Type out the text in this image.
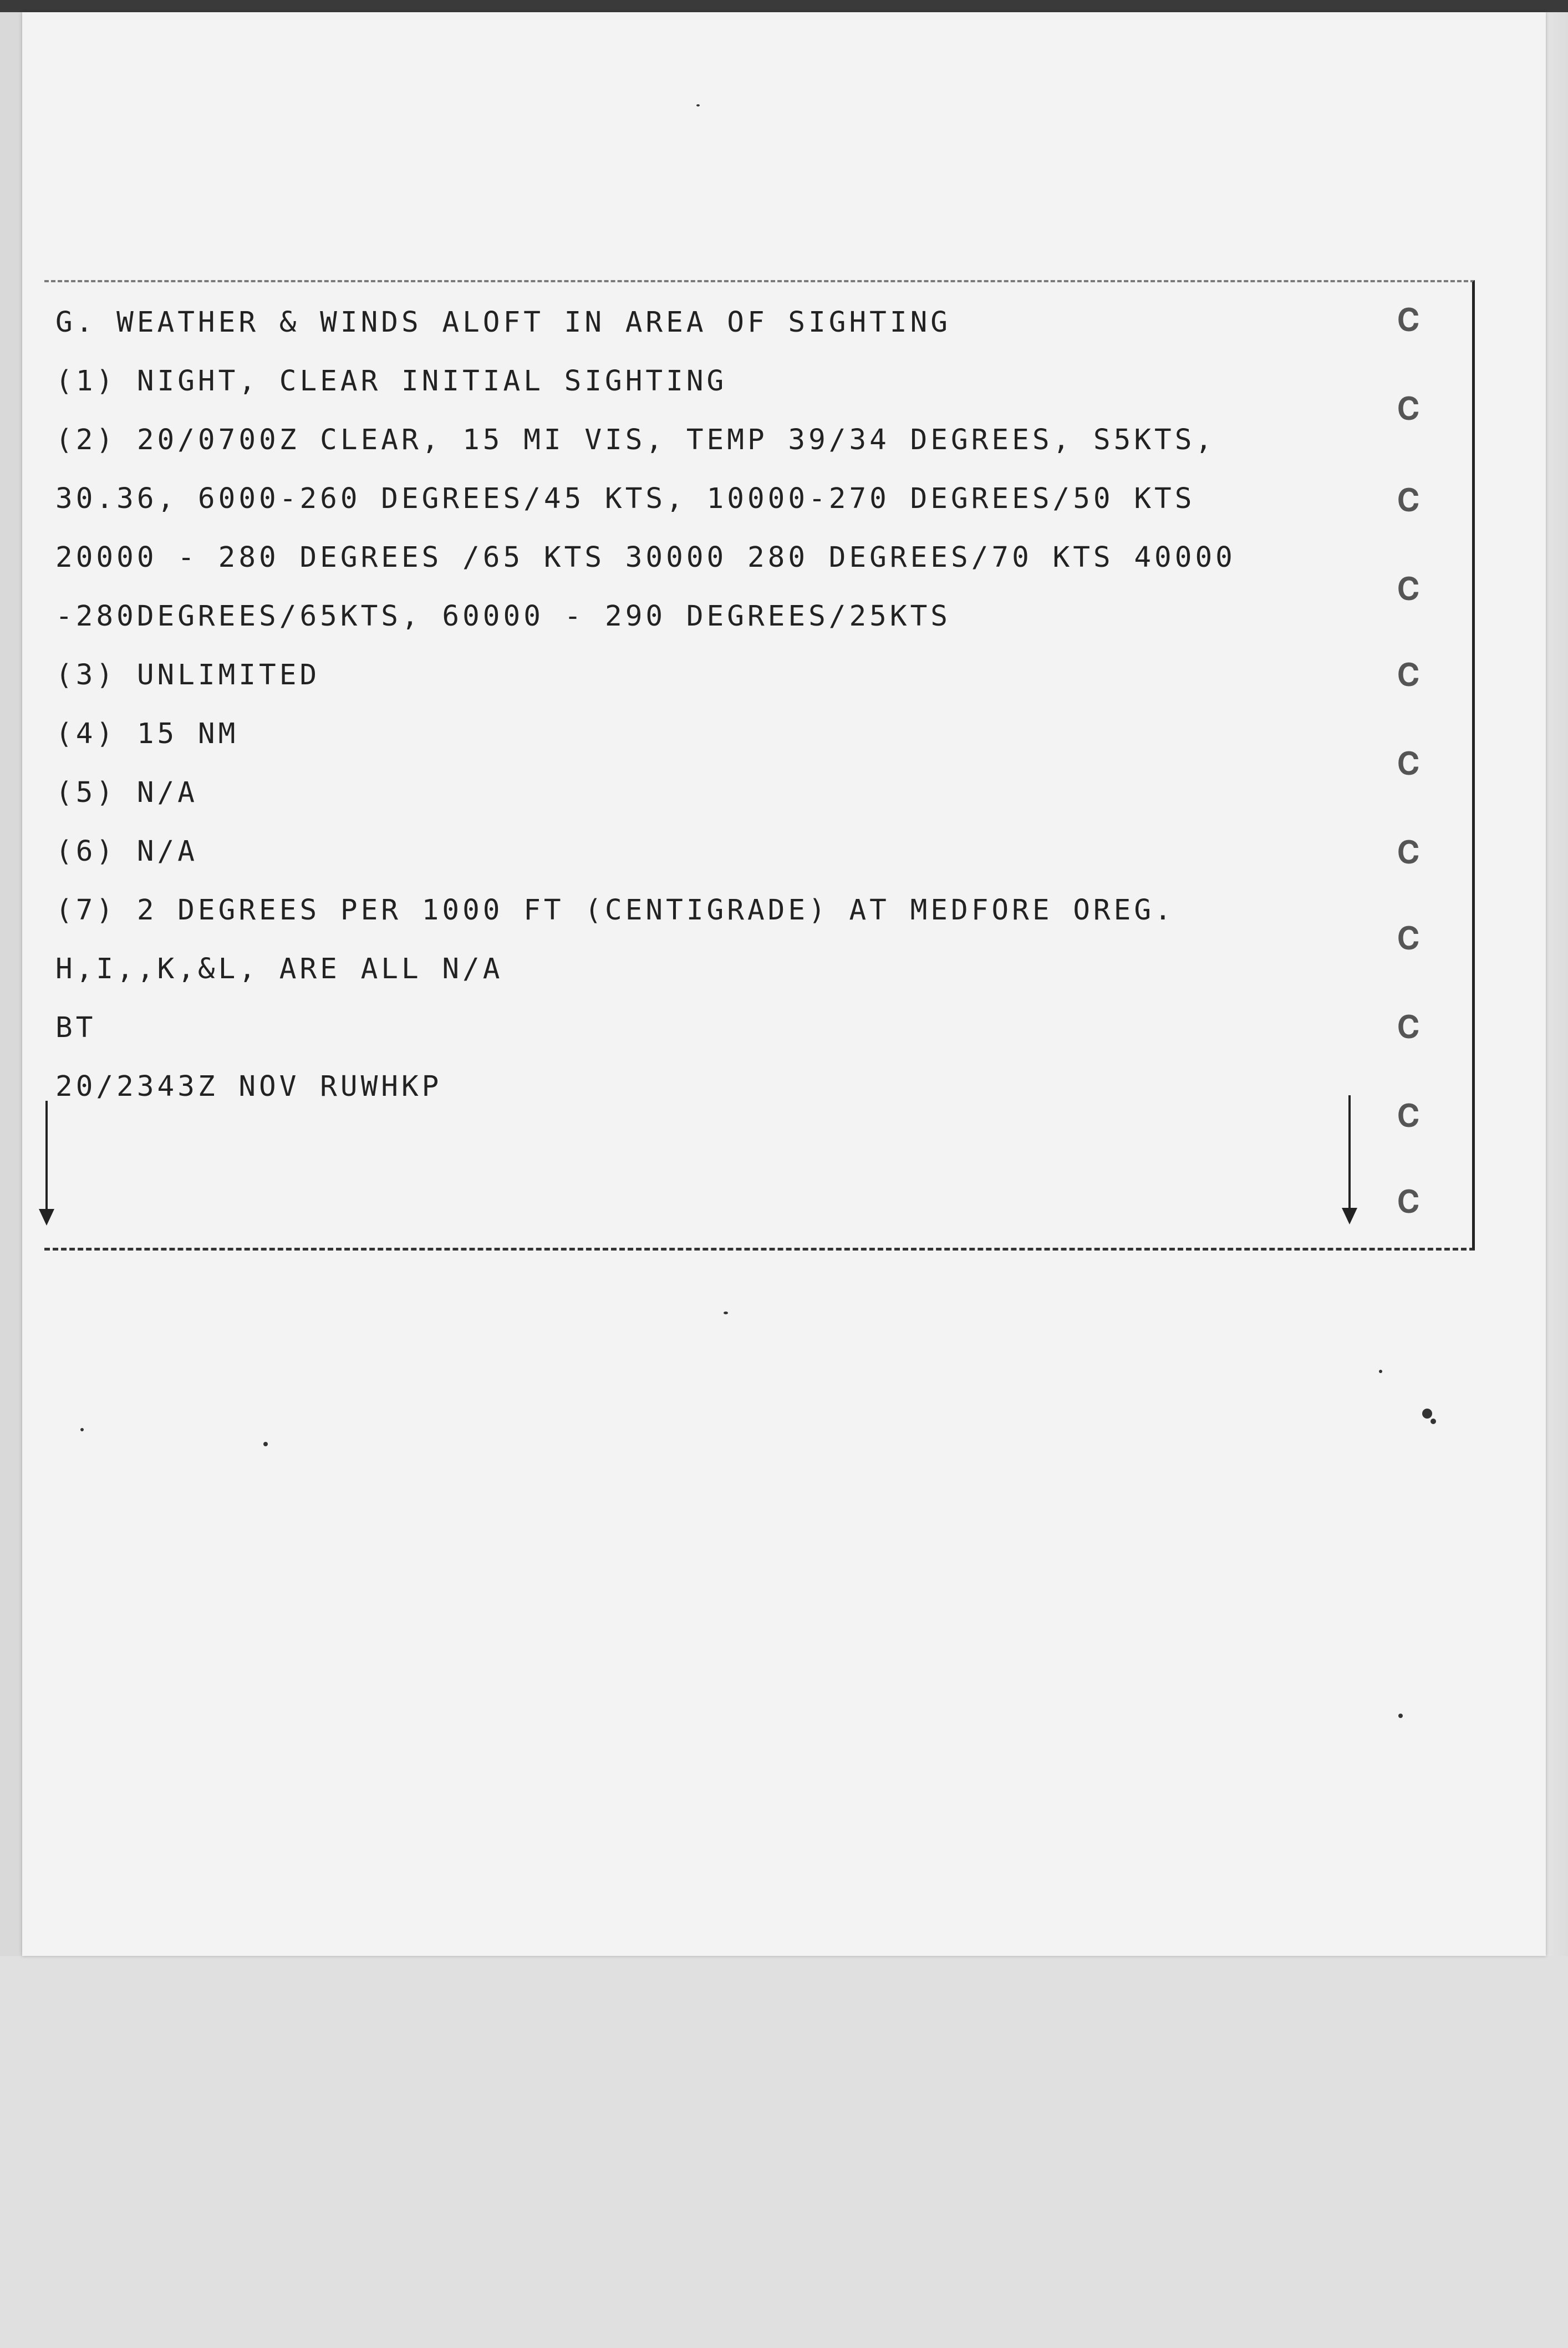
G. WEATHER & WINDS ALOFT IN AREA OF SIGHTING
(1) NIGHT, CLEAR INITIAL SIGHTING
(2) 20/0700Z CLEAR, 15 MI VIS, TEMP 39/34 DEGREES, S5KTS,
30.36, 6000-260 DEGREES/45 KTS, 10000-270 DEGREES/50 KTS
20000 - 280 DEGREES /65 KTS 30000 280 DEGREES/70 KTS 40000
-280DEGREES/65KTS, 60000 - 290 DEGREES/25KTS
(3) UNLIMITED
(4) 15 NM
(5) N/A
(6) N/A
(7) 2 DEGREES PER 1000 FT (CENTIGRADE) AT MEDFORE OREG.
H,I,,K,&L, ARE ALL N/A
BT
20/2343Z NOV RUWHKP
𝐂
𝐂
𝐂
𝐂
𝐂
𝐂
𝐂
𝐂
𝐂
𝐂
𝐂
